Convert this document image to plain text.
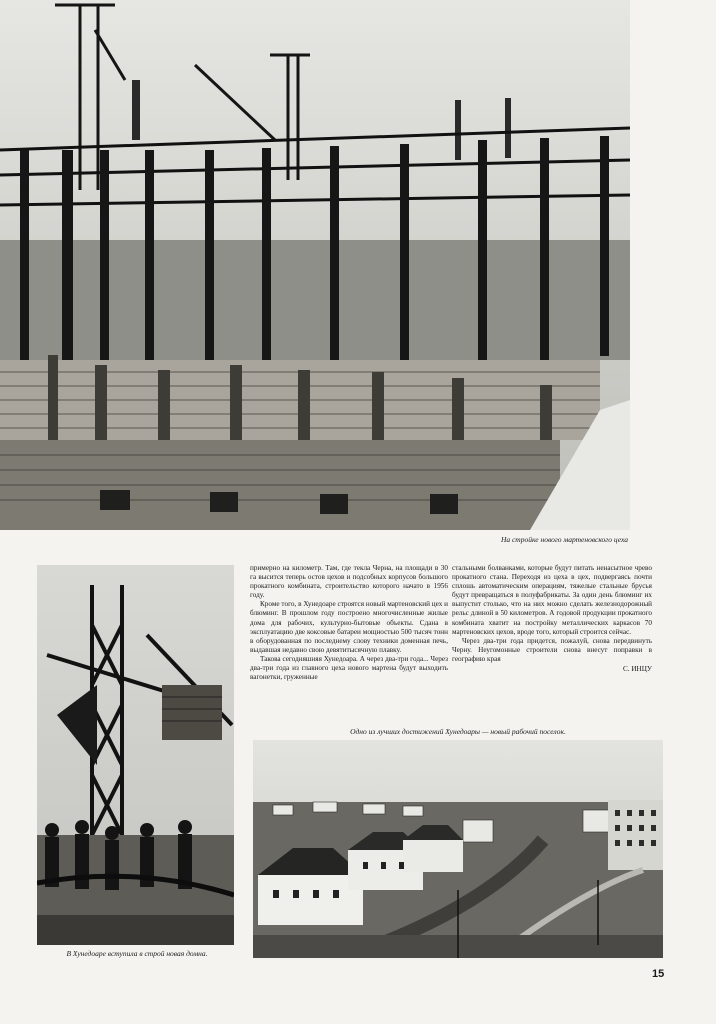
На стройке нового мартеновского цеха
В Хунедоаре вступила в строй новая домна.

примерно на километр. Там, где текла Черна, на площади в 30 га высится теперь остов цехов и подсобных корпусов большого прокатного комбината, строительство которого начато в 1956 году.

Кроме того, в Хунедоаре строятся новый мартеновский цех и блюминг. В прошлом году построено многочисленные жилые дома для рабочих, культурно-бытовые объекты. Сдана в эксплуатацию две коксовые батареи мощностью 500 тысяч тонн в оборудованная по последнему слову техники доменная печь, выдавшая недавно свою девятитысячную плавку.

Такова сегодняшняя Хунедоара. А через два-три года... Через два-три года из главного цеха нового мартена будут выходить вагонетки, груженные

стальными болванками, которые будут питать ненасытное чрево прокатного стана. Переходя из цеха в цех, подвергаясь почти сплошь автоматическим операциям, тяжелые стальные брусья будут превращаться в полуфабрикаты. За один день блюминг их выпустит столько, что на них можно сделать железнодорожный рельс длиной в 50 километров. А годовой продукции прокатного комбината хватит на постройку металлических каркасов 70 мартеновских цехов, вроде того, который строится сейчас.

Через два-три года придется, пожалуй, снова передвинуть Черну. Неугомонные строители снова внесут поправки в географию края

С. ИНЦУ
Одно из лучших достижений Хунедоары — новый рабочий поселок.
15
